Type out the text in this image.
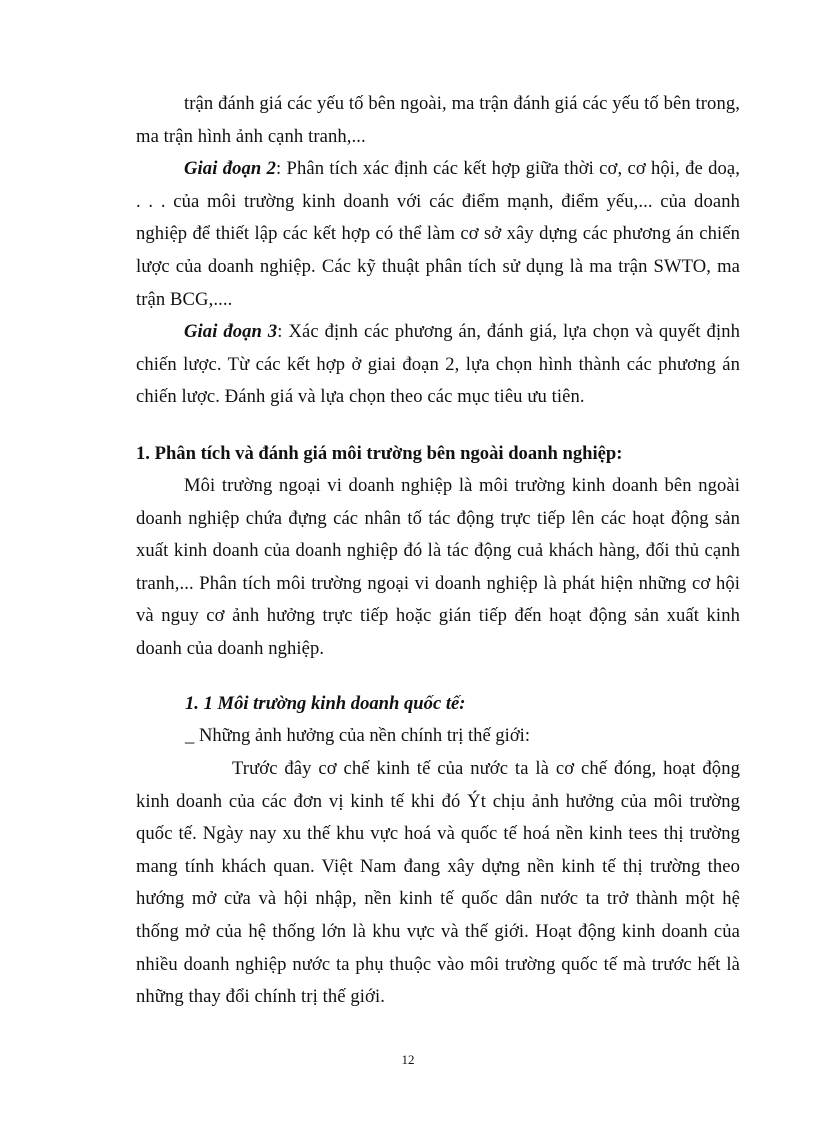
trận đánh giá các yếu tố bên ngoài, ma trận đánh giá các yếu tố bên trong, ma trận hình ảnh cạnh tranh,...

Giai đoạn 2: Phân tích xác định các kết hợp giữa thời cơ, cơ hội, đe doạ, . . . của môi trường kinh doanh với các điểm mạnh, điểm yếu,... của doanh nghiệp để thiết lập các kết hợp có thể làm cơ sở xây dựng các phương án chiến lược của doanh nghiệp. Các kỹ thuật phân tích sử dụng là ma trận SWTO, ma trận BCG,....

Giai đoạn 3: Xác định các phương án, đánh giá, lựa chọn và quyết định chiến lược. Từ các kết hợp ở giai đoạn 2, lựa chọn hình thành các phương án chiến lược. Đánh giá và lựa chọn theo các mục tiêu ưu tiên.

1. Phân tích và đánh giá môi trường bên ngoài doanh nghiệp:

Môi trường ngoại vi doanh nghiệp là môi trường kinh doanh bên ngoài doanh nghiệp chứa đựng các nhân tố tác động trực tiếp lên các hoạt động sản xuất kinh doanh của doanh nghiệp đó là tác động cuả khách hàng, đối thủ cạnh tranh,... Phân tích môi trường ngoại vi doanh nghiệp là phát hiện những cơ hội và nguy cơ ảnh hưởng trực tiếp hoặc gián tiếp đến hoạt động sản xuất kinh doanh của doanh nghiệp.

1. 1 Môi trường kinh doanh quốc tế:
_ Những ảnh hưởng của nền chính trị thế giới:

Trước đây cơ chế kinh tế của nước ta là cơ chế đóng, hoạt động kinh doanh của các đơn vị kinh tế khi đó Ýt chịu ảnh hưởng của môi trường quốc tế. Ngày nay xu thế khu vực hoá và quốc tế hoá nền kinh tees thị trường mang tính khách quan. Việt Nam đang xây dựng nền kinh tế thị trường theo hướng mở cửa và hội nhập, nền kinh tế quốc dân nước ta trở thành một hệ thống mở của hệ thống lớn là khu vực và thế giới. Hoạt động kinh doanh của nhiều doanh nghiệp nước ta phụ thuộc vào môi trường quốc tế mà trước hết là những thay đổi chính trị thế giới.

12
